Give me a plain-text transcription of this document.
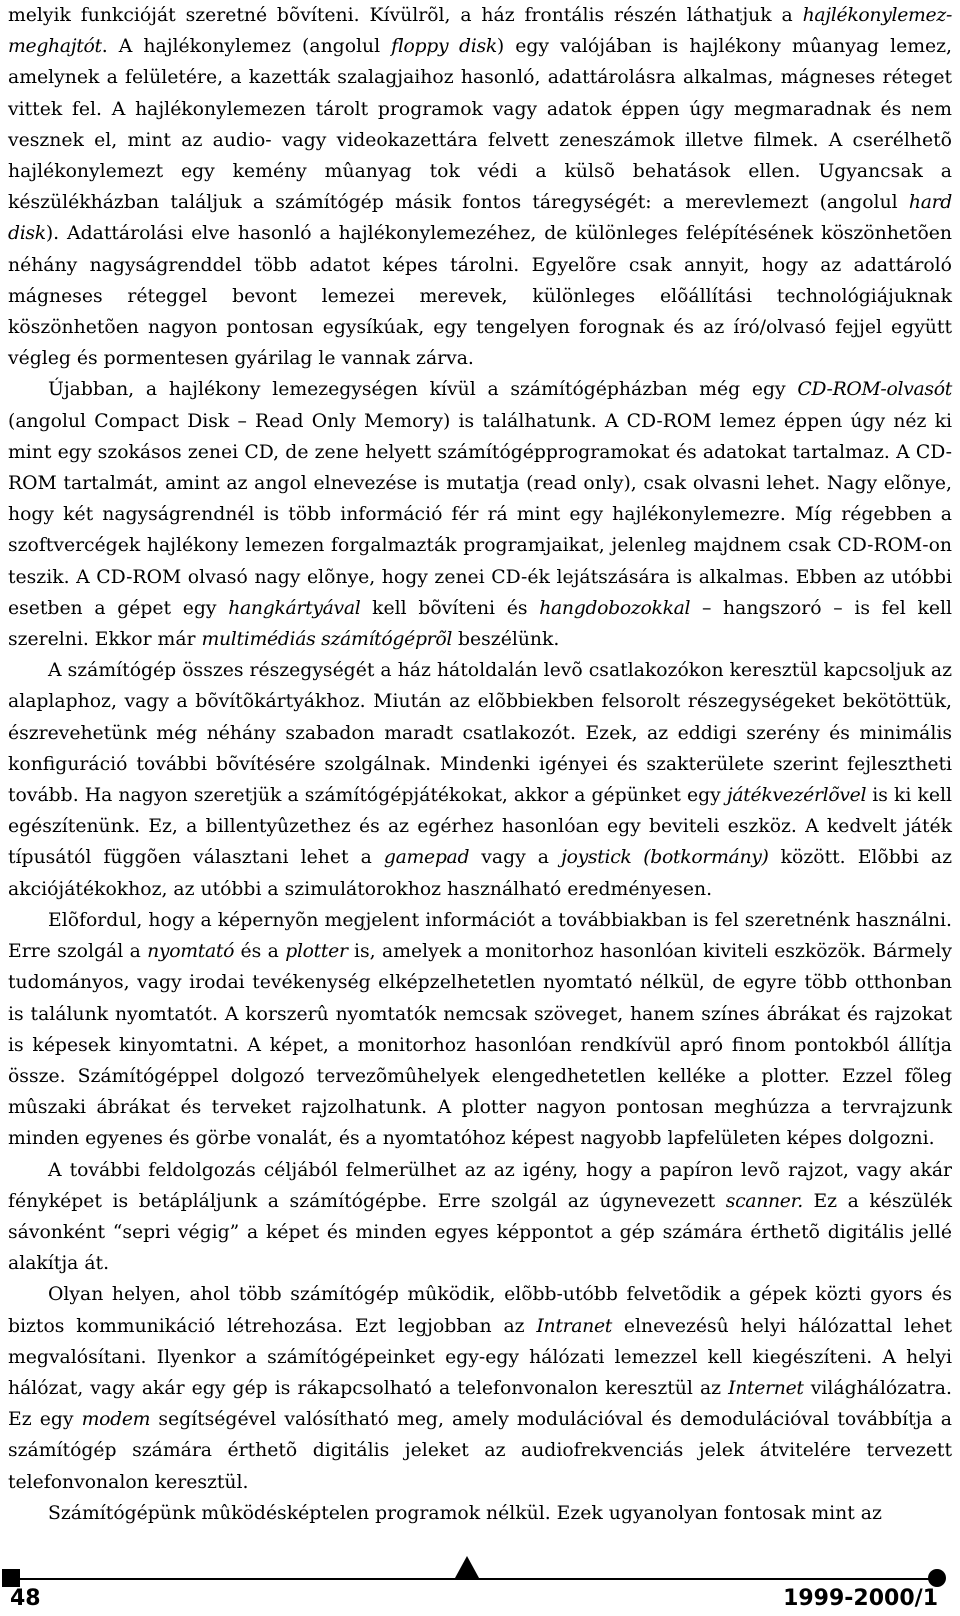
melyik funkcióját szeretné bõvíteni. Kívülrõl, a ház frontális részén láthatjuk a hajlékonylemez-meghajtót. A hajlékonylemez (angolul floppy disk) egy valójában is hajlékony mûanyag lemez, amelynek a felületére, a kazetták szalagjaihoz hasonló, adattárolásra alkalmas, mágneses réteget vittek fel. A hajlékonylemezen tárolt programok vagy adatok éppen úgy megmaradnak és nem vesznek el, mint az audio- vagy videokazettára felvett zeneszámok illetve filmek. A cserélhetõ hajlékonylemezt egy kemény mûanyag tok védi a külsõ behatások ellen. Ugyancsak a készülékházban találjuk a számítógép másik fontos táregységét: a merevlemezt (angolul hard disk). Adattárolási elve hasonló a hajlékonylemezéhez, de különleges felépítésének köszönhetõen néhány nagyságrenddel több adatot képes tárolni. Egyelõre csak annyit, hogy az adattároló mágneses réteggel bevont lemezei merevek, különleges elõállítási technológiájuknak köszönhetõen nagyon pontosan egysíkúak, egy tengelyen forognak és az író/olvasó fejjel együtt végleg és pormentesen gyárilag le vannak zárva.

Újabban, a hajlékony lemezegységen kívül a számítógépházban még egy CD-ROM-olvasót (angolul Compact Disk – Read Only Memory) is találhatunk. A CD-ROM lemez éppen úgy néz ki mint egy szokásos zenei CD, de zene helyett számítógépprogramokat és adatokat tartalmaz. A CD-ROM tartalmát, amint az angol elnevezése is mutatja (read only), csak olvasni lehet. Nagy elõnye, hogy két nagyságrendnél is több információ fér rá mint egy hajlékonylemezre. Míg régebben a szoftvercégek hajlékony lemezen forgalmazták programjaikat, jelenleg majdnem csak CD-ROM-on teszik. A CD-ROM olvasó nagy elõnye, hogy zenei CD-ék lejátszására is alkalmas. Ebben az utóbbi esetben a gépet egy hangkártyával kell bõvíteni és hangdobozokkal – hangszoró – is fel kell szerelni. Ekkor már multimédiás számítógéprõl beszélünk.

A számítógép összes részegységét a ház hátoldalán levõ csatlakozókon keresztül kapcsoljuk az alaplaphoz, vagy a bõvítõkártyákhoz. Miután az elõbbiekben felsorolt részegységeket bekötöttük, észrevehetünk még néhány szabadon maradt csatlakozót. Ezek, az eddigi szerény és minimális konfiguráció további bõvítésére szolgálnak. Mindenki igényei és szakterülete szerint fejlesztheti tovább. Ha nagyon szeretjük a számítógépjátékokat, akkor a gépünket egy játékvezérlõvel is ki kell egészítenünk. Ez, a billentyûzethez és az egérhez hasonlóan egy beviteli eszköz. A kedvelt játék típusától függõen választani lehet a gamepad vagy a joystick (botkormány) között. Elõbbi az akciójátékokhoz, az utóbbi a szimulátorokhoz használható eredményesen.

Elõfordul, hogy a képernyõn megjelent információt a továbbiakban is fel szeretnénk használni. Erre szolgál a nyomtató és a plotter is, amelyek a monitorhoz hasonlóan kiviteli eszközök. Bármely tudományos, vagy irodai tevékenység elképzelhetetlen nyomtató nélkül, de egyre több otthonban is találunk nyomtatót. A korszerû nyomtatók nemcsak szöveget, hanem színes ábrákat és rajzokat is képesek kinyomtatni. A képet, a monitorhoz hasonlóan rendkívül apró finom pontokból állítja össze. Számítógéppel dolgozó tervezõmûhelyek elengedhetetlen kelléke a plotter. Ezzel fõleg mûszaki ábrákat és terveket rajzolhatunk. A plotter nagyon pontosan meghúzza a tervrajzunk minden egyenes és görbe vonalát, és a nyomtatóhoz képest nagyobb lapfelületen képes dolgozni.

A további feldolgozás céljából felmerülhet az az igény, hogy a papíron levõ rajzot, vagy akár fényképet is betápláljunk a számítógépbe. Erre szolgál az úgynevezett scanner. Ez a készülék sávonként “sepri végig” a képet és minden egyes képpontot a gép számára érthetõ digitális jellé alakítja át.

Olyan helyen, ahol több számítógép mûködik, elõbb-utóbb felvetõdik a gépek közti gyors és biztos kommunikáció létrehozása. Ezt legjobban az Intranet elnevezésû helyi hálózattal lehet megvalósítani. Ilyenkor a számítógépeinket egy-egy hálózati lemezzel kell kiegészíteni. A helyi hálózat, vagy akár egy gép is rákapcsolható a telefonvonalon keresztül az Internet világhálózatra. Ez egy modem segítségével valósítható meg, amely modulációval és demodulációval továbbítja a számítógép számára érthetõ digitális jeleket az audiofrekvenciás jelek átvitelére tervezett telefonvonalon keresztül.

Számítógépünk mûködésképtelen programok nélkül. Ezek ugyanolyan fontosak mint az

48	1999-2000/1
